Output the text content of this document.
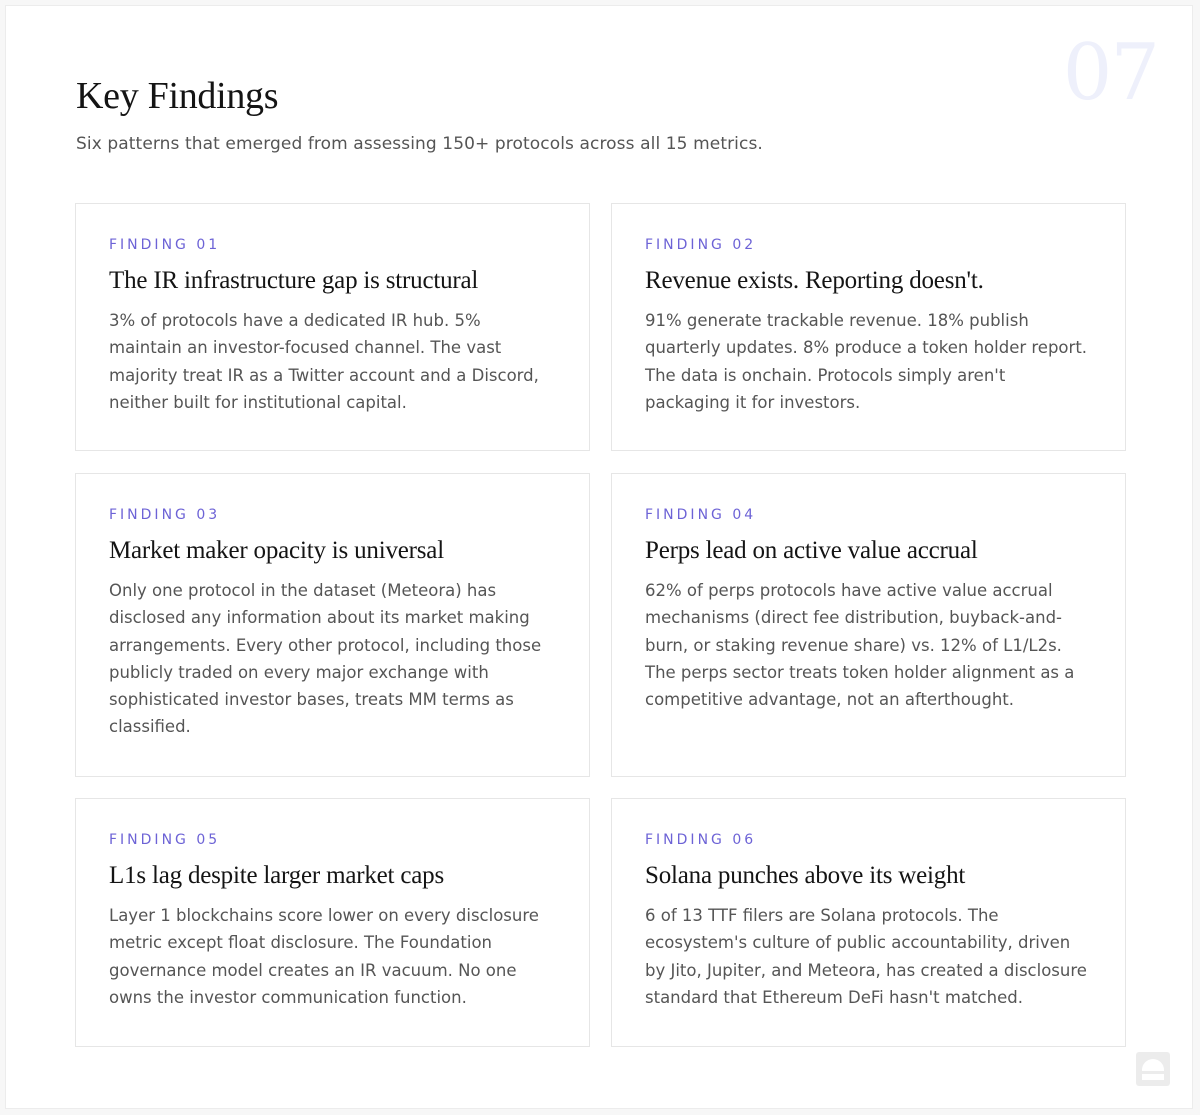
07
Key Findings

Six patterns that emerged from assessing 150+ protocols across all 15 metrics.

FINDING 01
The IR infrastructure gap is structural

3% of protocols have a dedicated IR hub. 5% maintain an investor-focused channel. The vast majority treat IR as a Twitter account and a Discord, neither built for institutional capital.

FINDING 02
Revenue exists. Reporting doesn't.

91% generate trackable revenue. 18% publish quarterly updates. 8% produce a token holder report. The data is onchain. Protocols simply aren't packaging it for investors.

FINDING 03
Market maker opacity is universal

Only one protocol in the dataset (Meteora) has disclosed any information about its market making arrangements. Every other protocol, including those publicly traded on every major exchange with sophisticated investor bases, treats MM terms as classified.

FINDING 04
Perps lead on active value accrual

62% of perps protocols have active value accrual mechanisms (direct fee distribution, buyback-and-burn, or staking revenue share) vs. 12% of L1/L2s. The perps sector treats token holder alignment as a competitive advantage, not an afterthought.

FINDING 05
L1s lag despite larger market caps

Layer 1 blockchains score lower on every disclosure metric except float disclosure. The Foundation governance model creates an IR vacuum. No one owns the investor communication function.

FINDING 06
Solana punches above its weight

6 of 13 TTF filers are Solana protocols. The ecosystem's culture of public accountability, driven by Jito, Jupiter, and Meteora, has created a disclosure standard that Ethereum DeFi hasn't matched.
